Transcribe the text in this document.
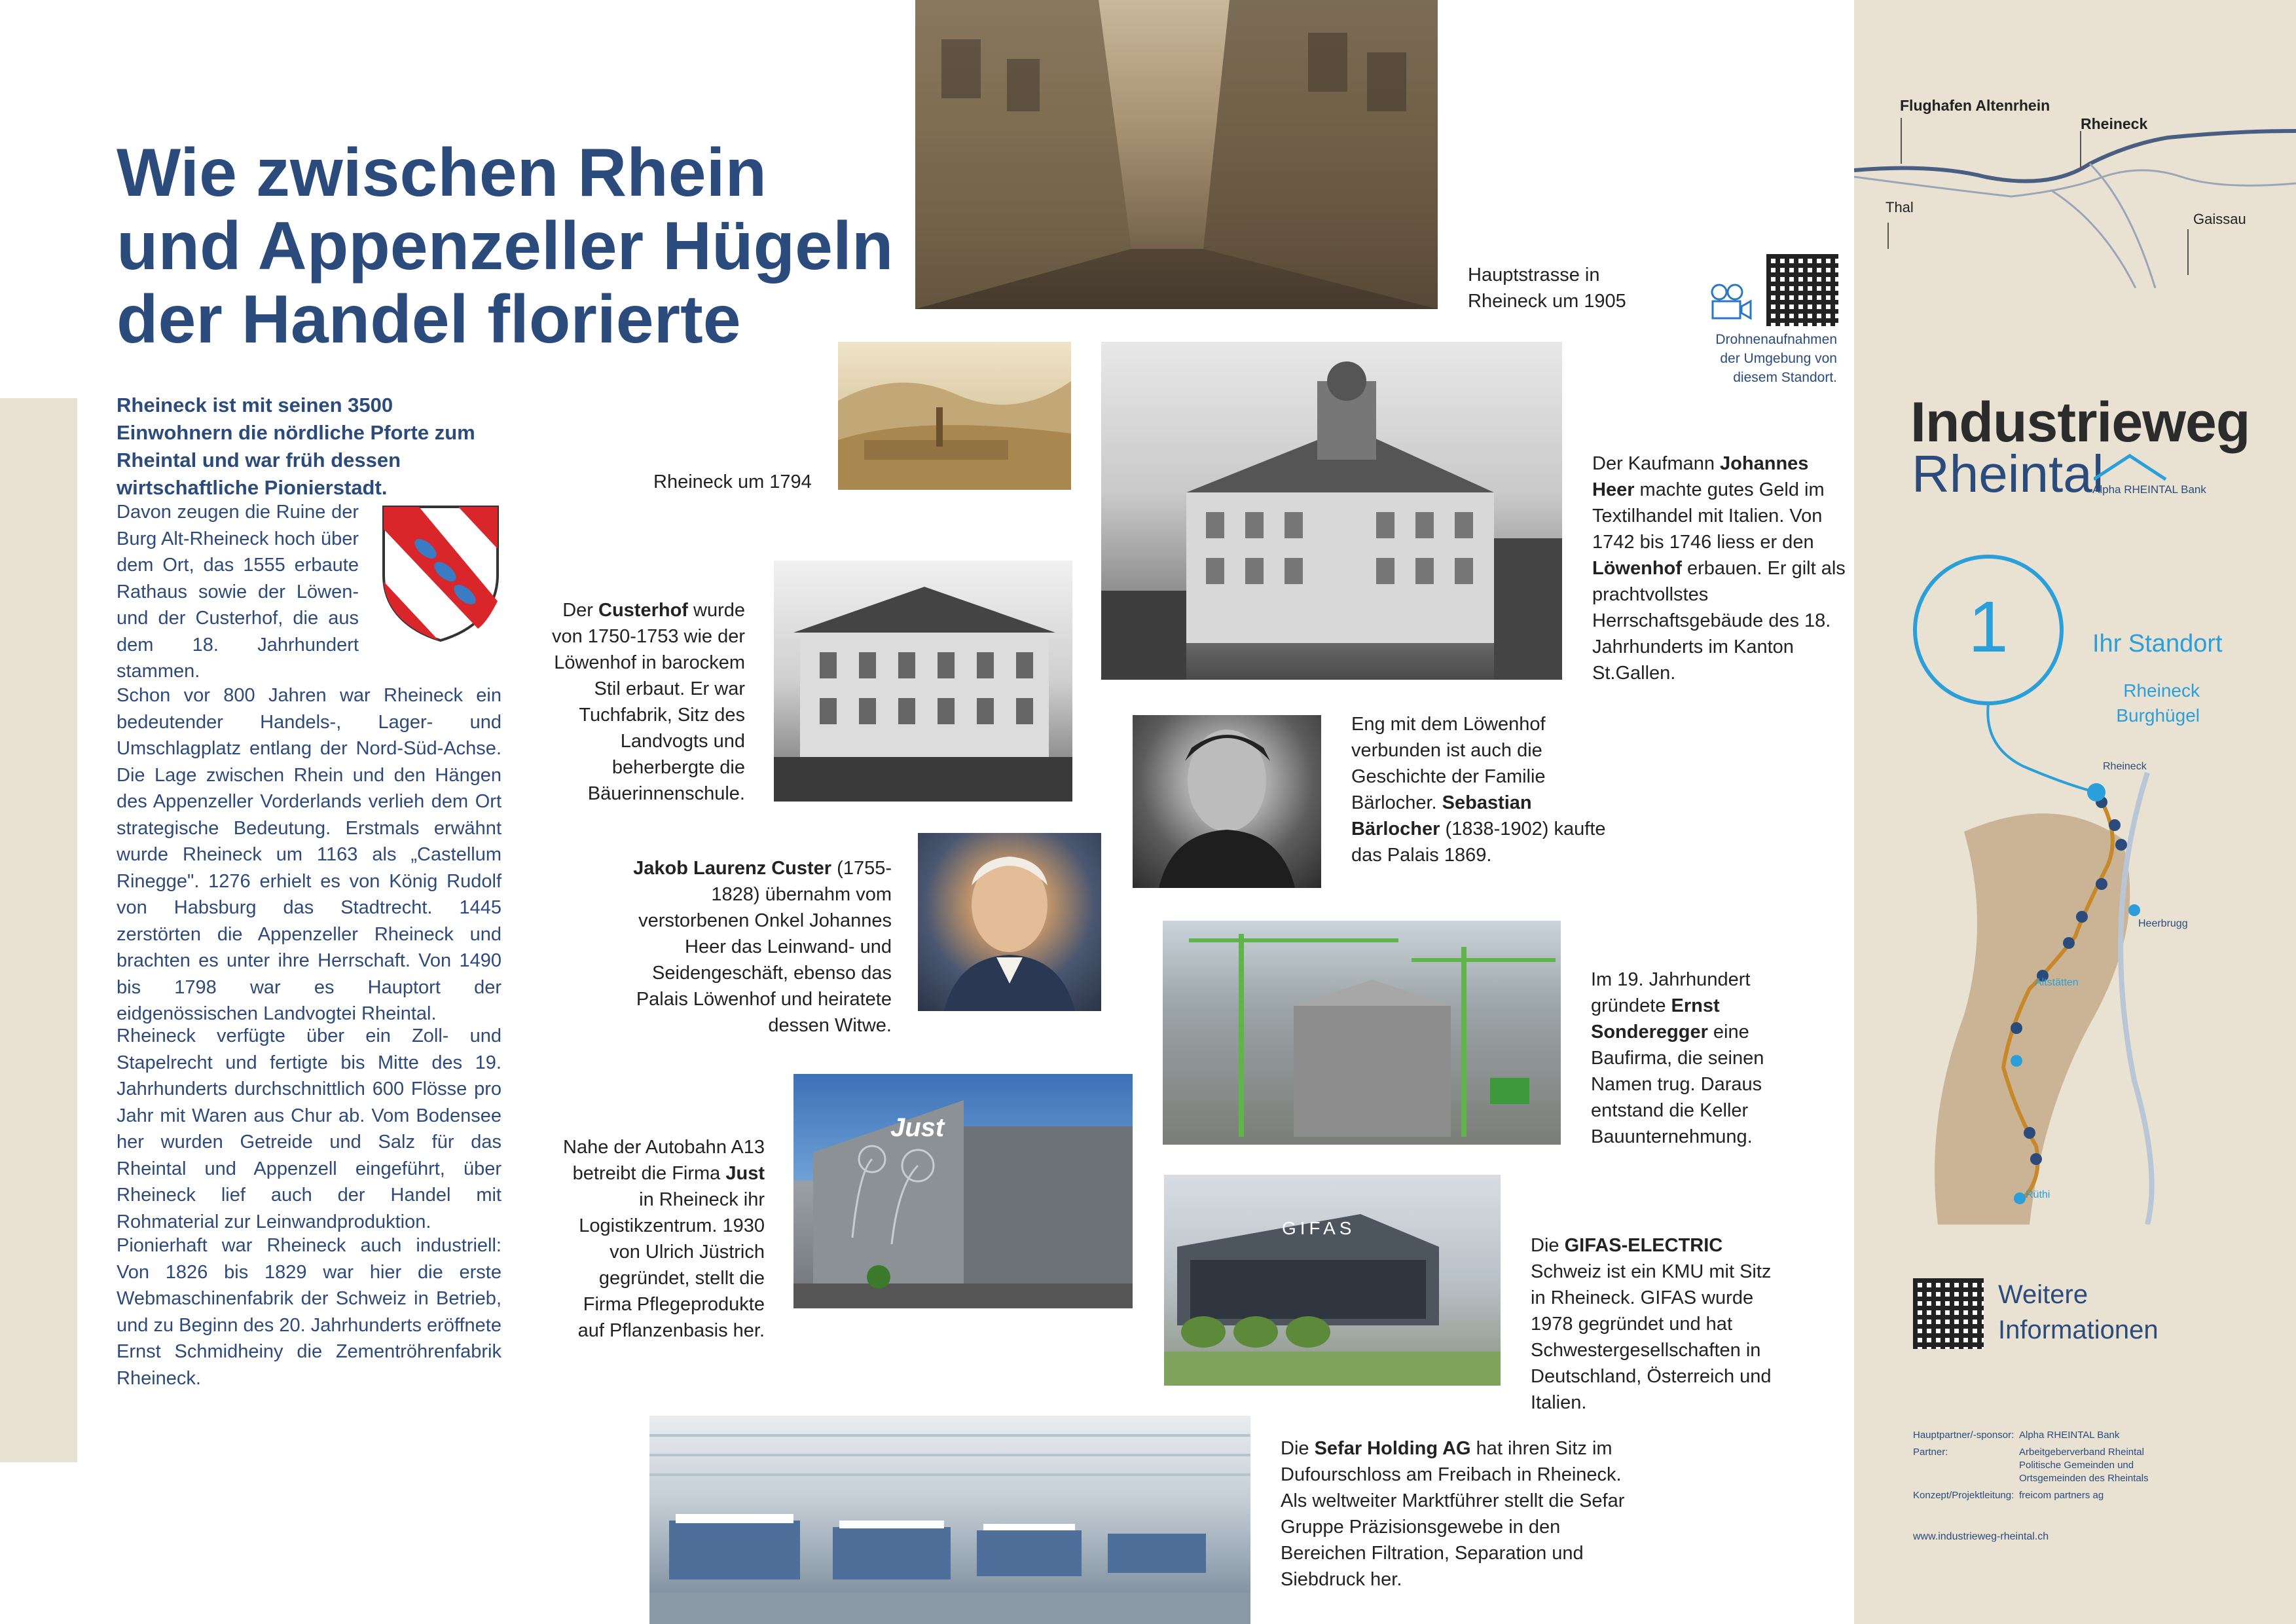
Wie zwischen Rhein
und Appenzeller Hügeln
der Handel florierte
Rheineck ist mit seinen 3500 Einwohnern die nördliche Pforte zum Rheintal und war früh dessen wirtschaftliche Pionierstadt.
Davon zeugen die Ruine der Burg Alt-Rheineck hoch über dem Ort, das 1555 erbaute Rathaus sowie der Löwen- und der Custerhof, die aus dem 18. Jahrhundert stammen.
Schon vor 800 Jahren war Rheineck ein bedeutender Handels-, Lager- und Umschlagplatz entlang der Nord-Süd-Achse. Die Lage zwischen Rhein und den Hängen des Appenzeller Vorderlands verlieh dem Ort strategische Bedeutung. Erstmals erwähnt wurde Rheineck um 1163 als „Castellum Rinegge". 1276 erhielt es von König Rudolf von Habsburg das Stadtrecht. 1445 zerstörten die Appenzeller Rheineck und brachten es unter ihre Herrschaft. Von 1490 bis 1798 war es Hauptort der eidgenössischen Landvogtei Rheintal.
Rheineck verfügte über ein Zoll- und Stapelrecht und fertigte bis Mitte des 19. Jahrhunderts durchschnittlich 600 Flösse pro Jahr mit Waren aus Chur ab. Vom Bodensee her wurden Getreide und Salz für das Rheintal und Appenzell eingeführt, über Rheineck lief auch der Handel mit Rohmaterial zur Leinwandproduktion.
Pionierhaft war Rheineck auch industriell: Von 1826 bis 1829 war hier die erste Webmaschinenfabrik der Schweiz in Betrieb, und zu Beginn des 20. Jahrhunderts eröffnete Ernst Schmidheiny die Zementröhrenfabrik Rheineck.
Hauptstrasse in
Rheineck um 1905
Drohnenaufnahmen
der Umgebung von
diesem Standort.
Rheineck um 1794
Der Kaufmann Johannes Heer machte gutes Geld im Textilhandel mit Italien. Von 1742 bis 1746 liess er den Löwenhof erbauen. Er gilt als prachtvollstes Herrschaftsgebäude des 18. Jahrhunderts im Kanton St.Gallen.
Der Custerhof wurde von 1750-1753 wie der Löwenhof in barockem Stil erbaut. Er war Tuchfabrik, Sitz des Landvogts und beherbergte die Bäuerinnenschule.
Eng mit dem Löwenhof verbunden ist auch die Geschichte der Familie Bärlocher. Sebastian Bärlocher (1838-1902) kaufte das Palais 1869.
Jakob Laurenz Custer (1755-1828) übernahm vom verstorbenen Onkel Johannes Heer das Leinwand- und Seidengeschäft, ebenso das Palais Löwenhof und heiratete dessen Witwe.
Im 19. Jahrhundert gründete Ernst Sonderegger eine Baufirma, die seinen Namen trug. Daraus entstand die Keller Bauunternehmung.
Just
Nahe der Autobahn A13 betreibt die Firma Just in Rheineck ihr Logistikzentrum. 1930 von Ulrich Jüstrich gegründet, stellt die Firma Pflegeprodukte auf Pflanzenbasis her.
GIFAS
Die GIFAS-ELECTRIC Schweiz ist ein KMU mit Sitz in Rheineck. GIFAS wurde 1978 gegründet und hat Schwestergesellschaften in Deutschland, Österreich und Italien.
Die Sefar Holding AG hat ihren Sitz im Dufourschloss am Freibach in Rheineck. Als weltweiter Marktführer stellt die Sefar Gruppe Präzisionsgewebe in den Bereichen Filtration, Separation und Siebdruck her.
Flughafen Altenrhein
Rheineck
Thal
Gaissau
Industrieweg
Rheintal
Alpha RHEINTAL Bank
1	Ihr Standort
Rheineck
Burghügel
Rheineck
Heerbrugg
Altstätten
Rüthi
Weitere
Informationen
Hauptpartner/-sponsor: Alpha RHEINTAL Bank
Partner:	Arbeitgeberverband Rheintal
Politische Gemeinden und
Ortsgemeinden des Rheintals
Konzept/Projektleitung: freicom partners ag
www.industrieweg-rheintal.ch
